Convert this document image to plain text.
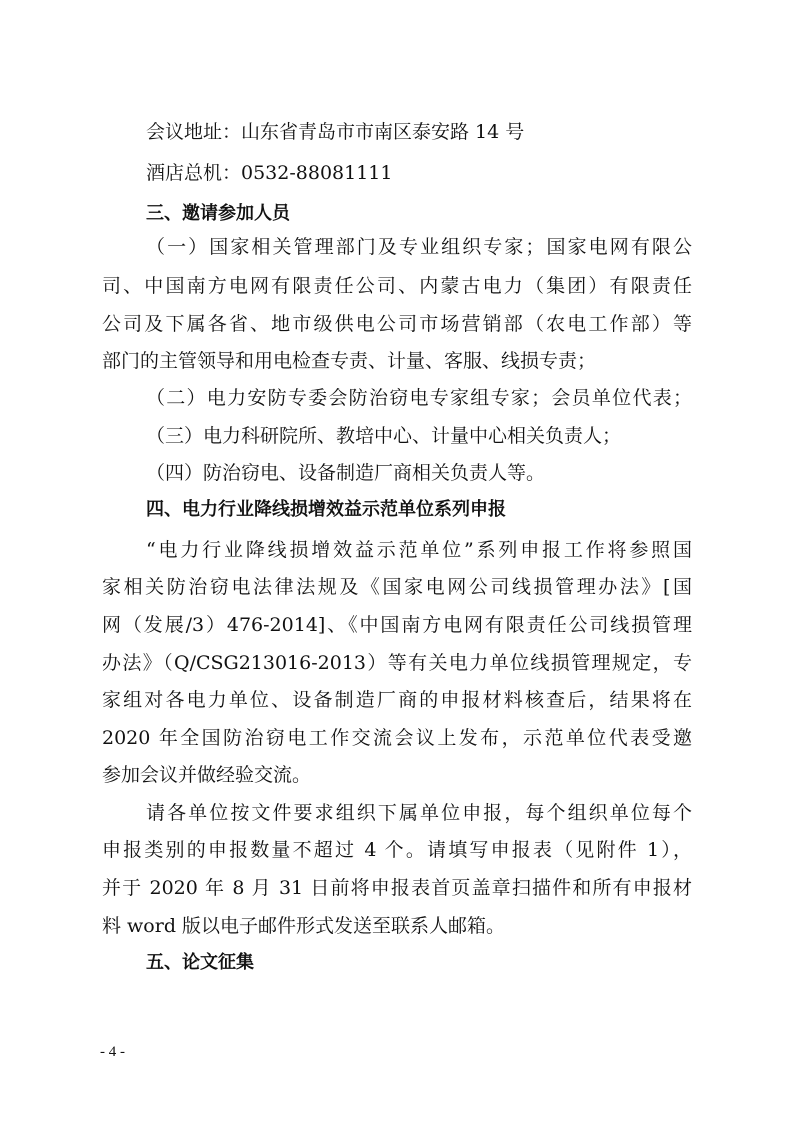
会议地址：山东省青岛市市南区泰安路 14 号
酒店总机：0532-88081111
三、邀请参加人员
（一）国家相关管理部门及专业组织专家；国家电网有限公
司、中国南方电网有限责任公司、内蒙古电力（集团）有限责任
公司及下属各省、地市级供电公司市场营销部（农电工作部）等
部门的主管领导和用电检查专责、计量、客服、线损专责；
（二）电力安防专委会防治窃电专家组专家；会员单位代表；
（三）电力科研院所、教培中心、计量中心相关负责人；
（四）防治窃电、设备制造厂商相关负责人等。
四、电力行业降线损增效益示范单位系列申报
“电力行业降线损增效益示范单位”系列申报工作将参照国
家相关防治窃电法律法规及《国家电网公司线损管理办法》[国
网（发展/3）476-2014]、《中国南方电网有限责任公司线损管理
办法》（Q/CSG213016-2013）等有关电力单位线损管理规定，专
家组对各电力单位、设备制造厂商的申报材料核查后，结果将在
2020 年全国防治窃电工作交流会议上发布，示范单位代表受邀
参加会议并做经验交流。
请各单位按文件要求组织下属单位申报，每个组织单位每个
申报类别的申报数量不超过 4 个。请填写申报表（见附件 1），
并于 2020 年 8 月 31 日前将申报表首页盖章扫描件和所有申报材
料 word 版以电子邮件形式发送至联系人邮箱。
五、论文征集
- 4 -
